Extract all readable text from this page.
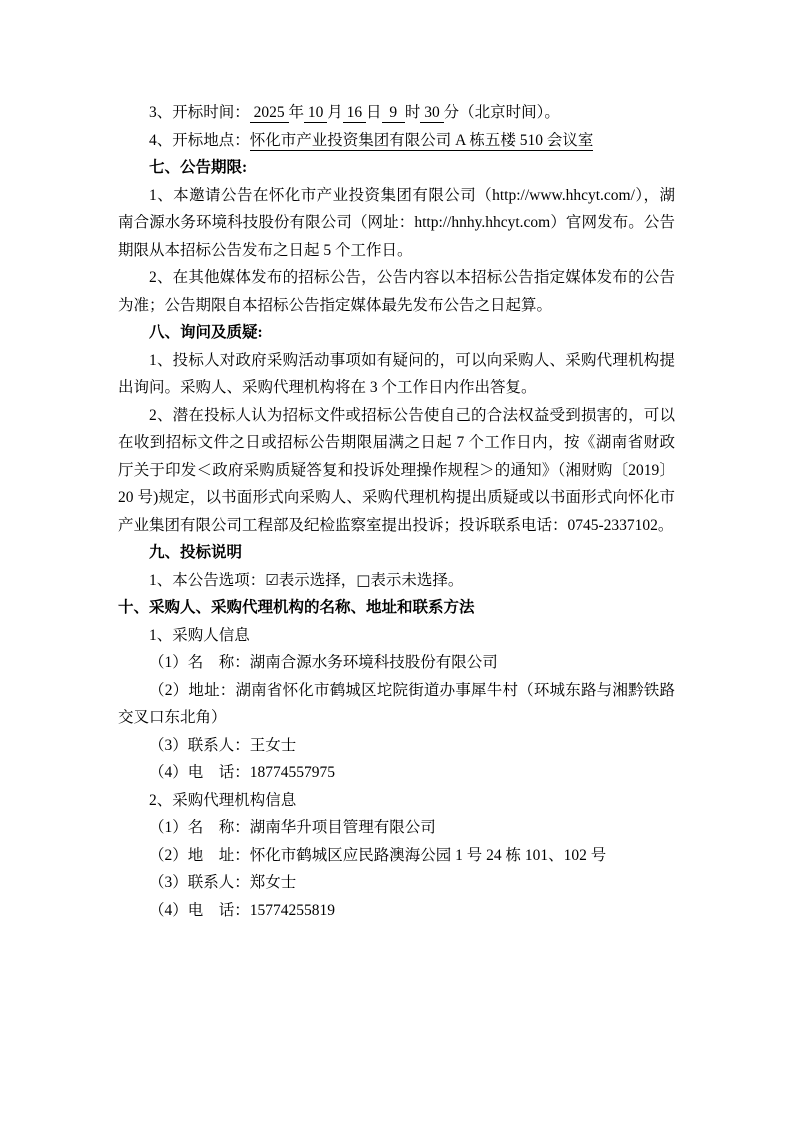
3、开标时间： 2025 年 10 月 16 日  9  时 30 分（北京时间）。

4、开标地点：怀化市产业投资集团有限公司 A 栋五楼 510 会议室

七、公告期限:

1、本邀请公告在怀化市产业投资集团有限公司（http://www.hhcyt.com/），湖南合源水务环境科技股份有限公司（网址：http://hnhy.hhcyt.com）官网发布。公告期限从本招标公告发布之日起 5 个工作日。

2、在其他媒体发布的招标公告，公告内容以本招标公告指定媒体发布的公告为准；公告期限自本招标公告指定媒体最先发布公告之日起算。

八、询问及质疑:

1、投标人对政府采购活动事项如有疑问的，可以向采购人、采购代理机构提出询问。采购人、采购代理机构将在 3 个工作日内作出答复。

2、潜在投标人认为招标文件或招标公告使自己的合法权益受到损害的，可以在收到招标文件之日或招标公告期限届满之日起 7 个工作日内，按《湖南省财政厅关于印发＜政府采购质疑答复和投诉处理操作规程＞的通知》（湘财购〔2019〕20 号)规定，以书面形式向采购人、采购代理机构提出质疑或以书面形式向怀化市产业集团有限公司工程部及纪检监察室提出投诉；投诉联系电话：0745-2337102。

九、投标说明

1、本公告选项：☑表示选择，□表示未选择。

十、采购人、采购代理机构的名称、地址和联系方法

1、采购人信息

（1）名　称：湖南合源水务环境科技股份有限公司

（2）地址：湖南省怀化市鹤城区坨院街道办事犀牛村（环城东路与湘黔铁路交叉口东北角）

（3）联系人：王女士

（4）电　话：18774557975

2、采购代理机构信息

（1）名　称：湖南华升项目管理有限公司

（2）地　址：怀化市鹤城区应民路澳海公园 1 号 24 栋 101、102 号

（3）联系人：郑女士

（4）电　话：15774255819
